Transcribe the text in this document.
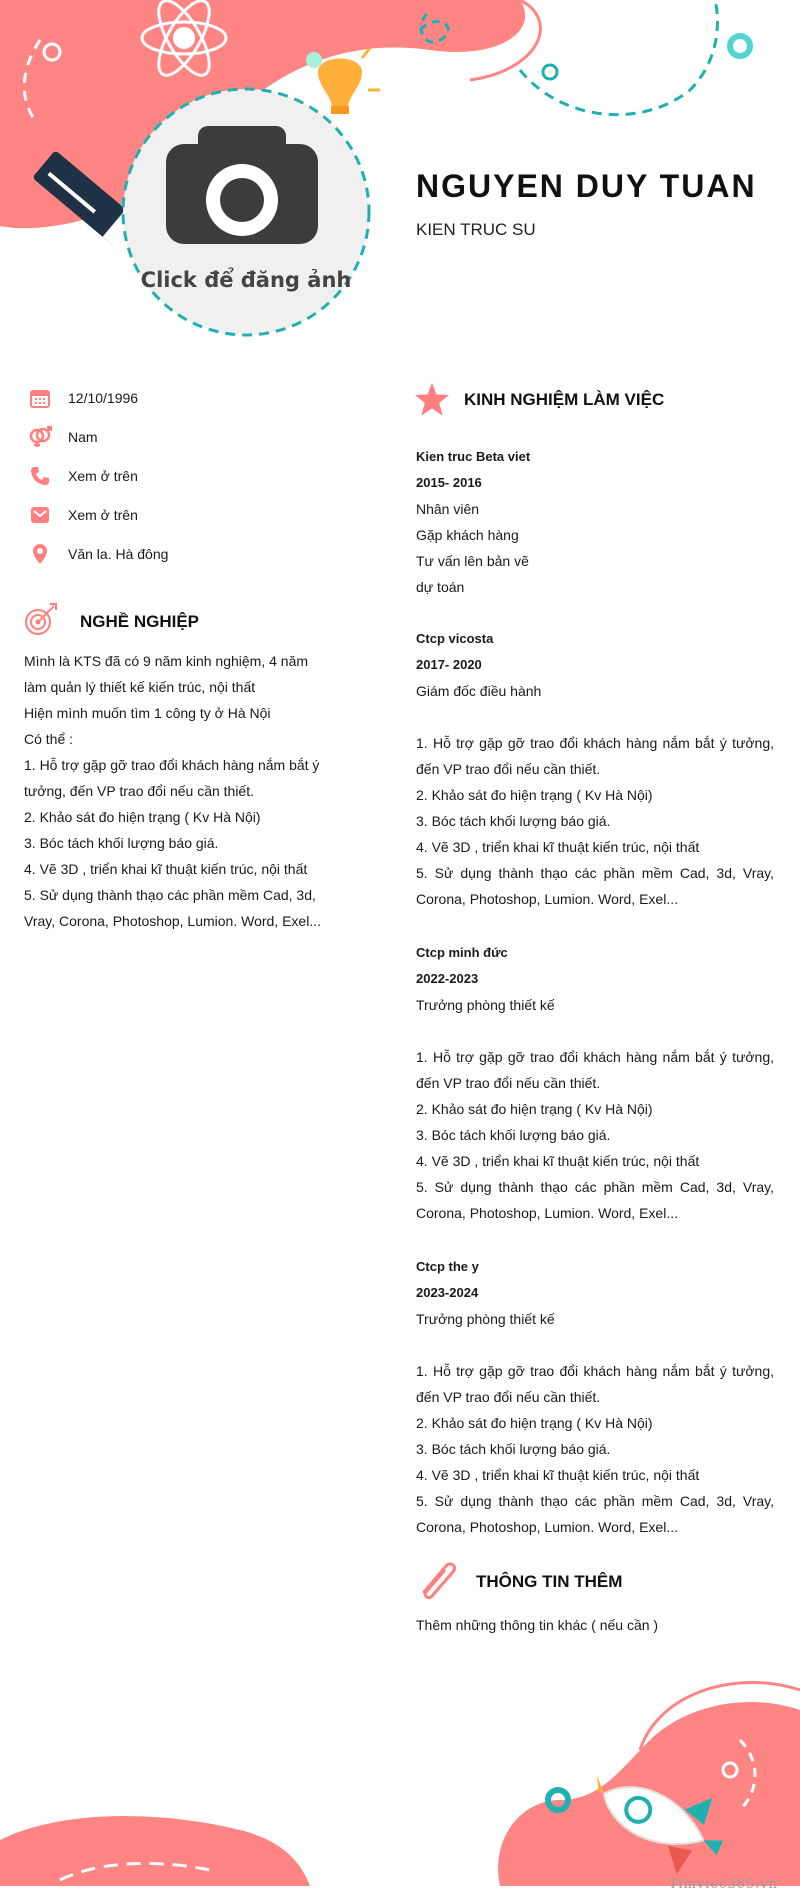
Click để đăng ảnh
NGUYEN DUY TUAN
KIEN TRUC SU
12/10/1996
Nam
Xem ở trên
Xem ở trên
Văn la. Hà đông
NGHỀ NGHIỆP

Mình là KTS đã có 9 năm kinh nghiệm, 4 năm

làm quản lý thiết kế kiến trúc, nội thất

Hiện mình muốn tìm 1 công ty ở Hà Nội

Có thể :

1. Hỗ trợ gặp gỡ trao đổi khách hàng nắm bắt ý

tưởng, đến VP trao đổi nếu cần thiết.

2. Khảo sát đo hiện trạng ( Kv Hà Nội)

3. Bóc tách khối lượng báo giá.

4. Vẽ 3D , triển khai kĩ thuật kiến trúc, nội thất

5. Sử dụng thành thạo các phần mềm Cad, 3d,

Vray, Corona, Photoshop, Lumion. Word, Exel...

KINH NGHIỆM LÀM VIỆC

Kien truc Beta viet

2015- 2016

Nhân viên

Gặp khách hàng

Tư vấn lên bản vẽ

dự toán

Ctcp vicosta

2017- 2020

Giám đốc điều hành

1. Hỗ trợ gặp gỡ trao đổi khách hàng nắm bắt ý tưởng, đến VP trao đổi nếu cần thiết.

2. Khảo sát đo hiện trạng ( Kv Hà Nội)

3. Bóc tách khối lượng báo giá.

4. Vẽ 3D , triển khai kĩ thuật kiến trúc, nội thất

5. Sử dụng thành thạo các phần mềm Cad, 3d, Vray, Corona, Photoshop, Lumion. Word, Exel...

Ctcp minh đức

2022-2023

Trưởng phòng thiết kế

1. Hỗ trợ gặp gỡ trao đổi khách hàng nắm bắt ý tưởng, đến VP trao đổi nếu cần thiết.

2. Khảo sát đo hiện trạng ( Kv Hà Nội)

3. Bóc tách khối lượng báo giá.

4. Vẽ 3D , triển khai kĩ thuật kiến trúc, nội thất

5. Sử dụng thành thạo các phần mềm Cad, 3d, Vray, Corona, Photoshop, Lumion. Word, Exel...

Ctcp the y

2023-2024

Trưởng phòng thiết kế

1. Hỗ trợ gặp gỡ trao đổi khách hàng nắm bắt ý tưởng, đến VP trao đổi nếu cần thiết.

2. Khảo sát đo hiện trạng ( Kv Hà Nội)

3. Bóc tách khối lượng báo giá.

4. Vẽ 3D , triển khai kĩ thuật kiến trúc, nội thất

5. Sử dụng thành thạo các phần mềm Cad, 3d, Vray, Corona, Photoshop, Lumion. Word, Exel...

THÔNG TIN THÊM
Thêm những thông tin khác ( nếu cần )
Timviec365.vn
